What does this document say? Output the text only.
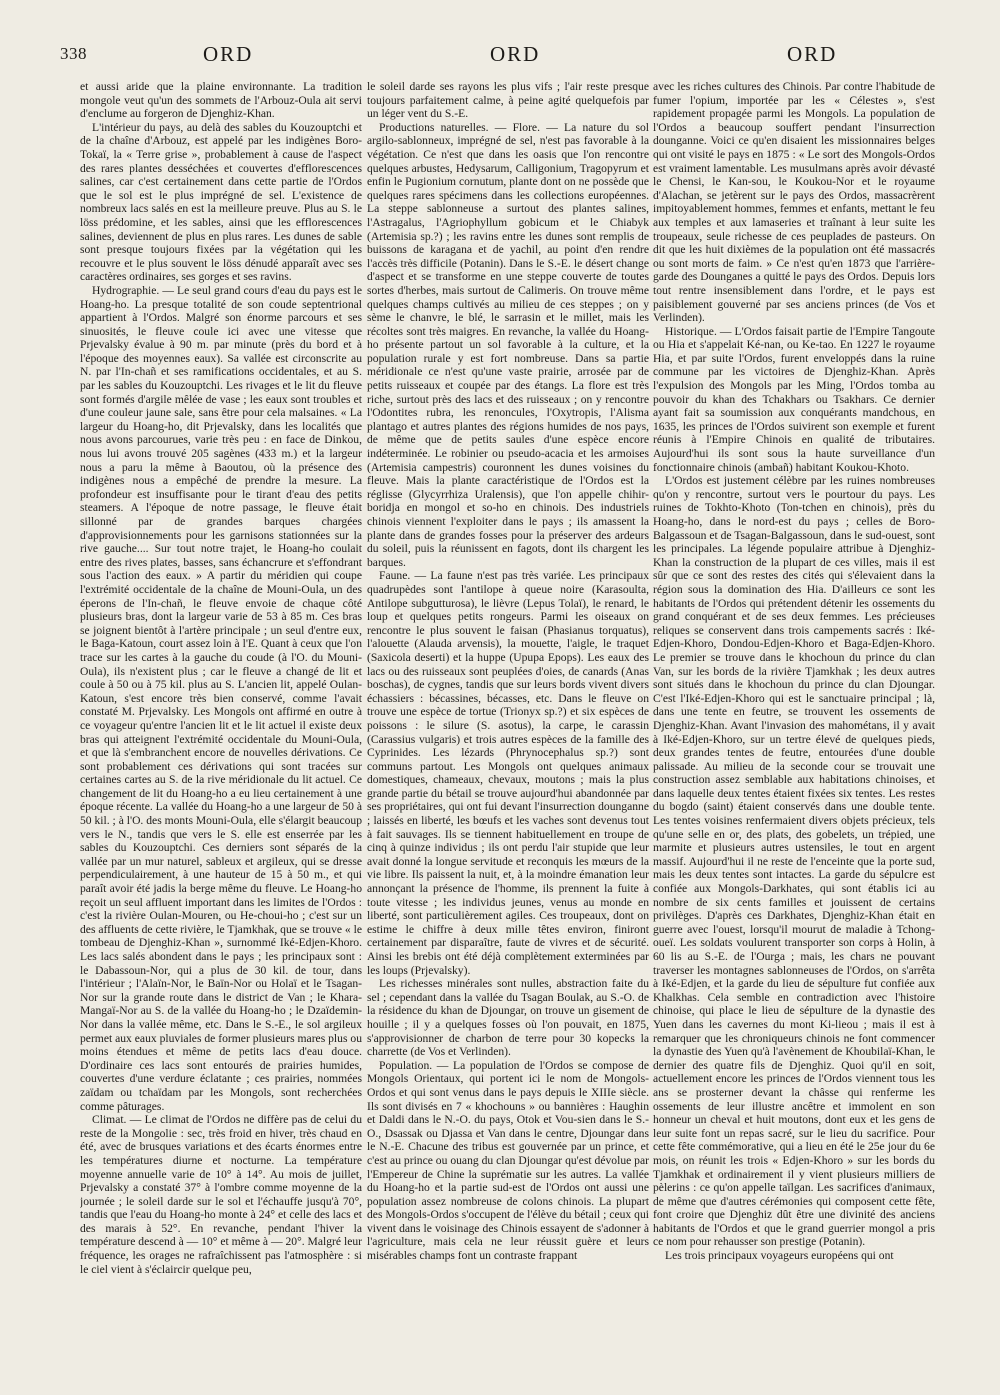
338	ORD	ORD	ORD

et aussi aride que la plaine environnante. La tradition mongole veut qu'un des sommets de l'Arbouz-Oula ait servi d'enclume au forgeron de Djenghiz-Khan.

L'intérieur du pays, au delà des sables du Kouzouptchi et de la chaîne d'Arbouz, est appelé par les indigènes Boro-Tokaï, la « Terre grise », probablement à cause de l'aspect des rares plantes desséchées et couvertes d'efflorescences salines, car c'est certainement dans cette partie de l'Ordos que le sol est le plus imprégné de sel. L'existence de nombreux lacs salés en est la meilleure preuve. Plus au S. le löss prédomine, et les sables, ainsi que les efflorescences salines, deviennent de plus en plus rares. Les dunes de sable sont presque toujours fixées par la végétation qui les recouvre et le plus souvent le löss dénudé apparaît avec ses caractères ordinaires, ses gorges et ses ravins.

Hydrographie. — Le seul grand cours d'eau du pays est le Hoang-ho. La presque totalité de son coude septentrional appartient à l'Ordos. Malgré son énorme parcours et ses sinuosités, le fleuve coule ici avec une vitesse que Prjevalsky évalue à 90 m. par minute (près du bord et à l'époque des moyennes eaux). Sa vallée est circonscrite au N. par l'In-chañ et ses ramifications occidentales, et au S. par les sables du Kouzouptchi. Les rivages et le lit du fleuve sont formés d'argile mêlée de vase ; les eaux sont troubles et d'une couleur jaune sale, sans être pour cela malsaines. « La largeur du Hoang-ho, dit Prjevalsky, dans les localités que nous avons parcourues, varie très peu : en face de Dinkou, nous lui avons trouvé 205 sagènes (433 m.) et la largeur nous a paru la même à Baoutou, où la présence des indigènes nous a empêché de prendre la mesure. La profondeur est insuffisante pour le tirant d'eau des petits steamers. A l'époque de notre passage, le fleuve était sillonné par de grandes barques chargées d'approvisionnements pour les garnisons stationnées sur la rive gauche.... Sur tout notre trajet, le Hoang-ho coulait entre des rives plates, basses, sans échancrure et s'effondrant sous l'action des eaux. » A partir du méridien qui coupe l'extrémité occidentale de la chaîne de Mouni-Oula, un des éperons de l'In-chañ, le fleuve envoie de chaque côté plusieurs bras, dont la largeur varie de 53 à 85 m. Ces bras se joignent bientôt à l'artère principale ; un seul d'entre eux, le Baga-Katoun, court assez loin à l'E. Quant à ceux que l'on trace sur les cartes à la gauche du coude (à l'O. du Mouni-Oula), ils n'existent plus ; car le fleuve a changé de lit et coule à 50 ou à 75 kil. plus au S. L'ancien lit, appelé Oulan-Katoun, s'est encore très bien conservé, comme l'avait constaté M. Prjevalsky. Les Mongols ont affirmé en outre à ce voyageur qu'entre l'ancien lit et le lit actuel il existe deux bras qui atteignent l'extrémité occidentale du Mouni-Oula, et que là s'embranchent encore de nouvelles dérivations. Ce sont probablement ces dérivations qui sont tracées sur certaines cartes au S. de la rive méridionale du lit actuel. Ce changement de lit du Hoang-ho a eu lieu certainement à une époque récente. La vallée du Hoang-ho a une largeur de 50 à 50 kil. ; à l'O. des monts Mouni-Oula, elle s'élargit beaucoup vers le N., tandis que vers le S. elle est enserrée par les sables du Kouzouptchi. Ces derniers sont séparés de la vallée par un mur naturel, sableux et argileux, qui se dresse perpendiculairement, à une hauteur de 15 à 50 m., et qui paraît avoir été jadis la berge même du fleuve. Le Hoang-ho reçoit un seul affluent important dans les limites de l'Ordos : c'est la rivière Oulan-Mouren, ou He-choui-ho ; c'est sur un des affluents de cette rivière, le Tjamkhak, que se trouve « le tombeau de Djenghiz-Khan », surnommé Iké-Edjen-Khoro. Les lacs salés abondent dans le pays ; les principaux sont : le Dabassoun-Nor, qui a plus de 30 kil. de tour, dans l'intérieur ; l'Alaïn-Nor, le Baïn-Nor ou Holaï et le Tsagan-Nor sur la grande route dans le district de Van ; le Khara-Mangaï-Nor au S. de la vallée du Hoang-ho ; le Dzaïdemin-Nor dans la vallée même, etc. Dans le S.-E., le sol argileux permet aux eaux pluviales de former plusieurs mares plus ou moins étendues et même de petits lacs d'eau douce. D'ordinaire ces lacs sont entourés de prairies humides, couvertes d'une verdure éclatante ; ces prairies, nommées zaïdam ou tchaïdam par les Mongols, sont recherchées comme pâturages.

Climat. — Le climat de l'Ordos ne diffère pas de celui du reste de la Mongolie : sec, très froid en hiver, très chaud en été, avec de brusques variations et des écarts énormes entre les températures diurne et nocturne. La température moyenne annuelle varie de 10° à 14°. Au mois de juillet, Prjevalsky a constaté 37° à l'ombre comme moyenne de la journée ; le soleil darde sur le sol et l'échauffe jusqu'à 70°, tandis que l'eau du Hoang-ho monte à 24° et celle des lacs et des marais à 52°. En revanche, pendant l'hiver la température descend à — 10° et même à — 20°. Malgré leur fréquence, les orages ne rafraîchissent pas l'atmosphère : si le ciel vient à s'éclaircir quelque peu,

le soleil darde ses rayons les plus vifs ; l'air reste presque toujours parfaitement calme, à peine agité quelquefois par un léger vent du S.-E.

Productions naturelles. — Flore. — La nature du sol argilo-sablonneux, imprégné de sel, n'est pas favorable à la végétation. Ce n'est que dans les oasis que l'on rencontre quelques arbustes, Hedysarum, Calligonium, Tragopyrum et enfin le Pugionium cornutum, plante dont on ne possède que quelques rares spécimens dans les collections européennes. La steppe sablonneuse a surtout des plantes salines, l'Astragalus, l'Agriophyllum gobicum et le Chiabyk (Artemisia sp.?) ; les ravins entre les dunes sont remplis de buissons de karagana et de yachil, au point d'en rendre l'accès très difficile (Potanin). Dans le S.-E. le désert change d'aspect et se transforme en une steppe couverte de toutes sortes d'herbes, mais surtout de Calimeris. On trouve même quelques champs cultivés au milieu de ces steppes ; on y sème le chanvre, le blé, le sarrasin et le millet, mais les récoltes sont très maigres. En revanche, la vallée du Hoang-ho présente partout un sol favorable à la culture, et la population rurale y est fort nombreuse. Dans sa partie méridionale ce n'est qu'une vaste prairie, arrosée par de petits ruisseaux et coupée par des étangs. La flore est très riche, surtout près des lacs et des ruisseaux ; on y rencontre l'Odontites rubra, les renoncules, l'Oxytropis, l'Alisma plantago et autres plantes des régions humides de nos pays, de même que de petits saules d'une espèce encore indéterminée. Le robinier ou pseudo-acacia et les armoises (Artemisia campestris) couronnent les dunes voisines du fleuve. Mais la plante caractéristique de l'Ordos est la réglisse (Glycyrrhiza Uralensis), que l'on appelle chihir-boridja en mongol et so-ho en chinois. Des industriels chinois viennent l'exploiter dans le pays ; ils amassent la plante dans de grandes fosses pour la préserver des ardeurs du soleil, puis la réunissent en fagots, dont ils chargent les barques.

Faune. — La faune n'est pas très variée. Les principaux quadrupèdes sont l'antilope à queue noire (Karasoulta, Antilope subgutturosa), le lièvre (Lepus Tolaï), le renard, le loup et quelques petits rongeurs. Parmi les oiseaux on rencontre le plus souvent le faisan (Phasianus torquatus), l'alouette (Alauda arvensis), la mouette, l'aigle, le traquet (Saxicola deserti) et la huppe (Upupa Epops). Les eaux des lacs ou des ruisseaux sont peuplées d'oies, de canards (Anas boschas), de cygnes, tandis que sur leurs bords vivent divers échassiers : bécassines, bécasses, etc. Dans le fleuve on trouve une espèce de tortue (Trionyx sp.?) et six espèces de poissons : le silure (S. asotus), la carpe, le carassin (Carassius vulgaris) et trois autres espèces de la famille des Cyprinides. Les lézards (Phrynocephalus sp.?) sont communs partout. Les Mongols ont quelques animaux domestiques, chameaux, chevaux, moutons ; mais la plus grande partie du bétail se trouve aujourd'hui abandonnée par ses propriétaires, qui ont fui devant l'insurrection dounganne ; laissés en liberté, les bœufs et les vaches sont devenus tout à fait sauvages. Ils se tiennent habituellement en troupe de cinq à quinze individus ; ils ont perdu l'air stupide que leur avait donné la longue servitude et reconquis les mœurs de la vie libre. Ils paissent la nuit, et, à la moindre émanation leur annonçant la présence de l'homme, ils prennent la fuite à toute vitesse ; les individus jeunes, venus au monde en liberté, sont particulièrement agiles. Ces troupeaux, dont on estime le chiffre à deux mille têtes environ, finiront certainement par disparaître, faute de vivres et de sécurité. Ainsi les brebis ont été déjà complètement exterminées par les loups (Prjevalsky).

Les richesses minérales sont nulles, abstraction faite du sel ; cependant dans la vallée du Tsagan Boulak, au S.-O. de la résidence du khan de Djoungar, on trouve un gisement de houille ; il y a quelques fosses où l'on pouvait, en 1875, s'approvisionner de charbon de terre pour 30 kopecks la charrette (de Vos et Verlinden).

Population. — La population de l'Ordos se compose de Mongols Orientaux, qui portent ici le nom de Mongols-Ordos et qui sont venus dans le pays depuis le XIIIe siècle. Ils sont divisés en 7 « khochouns » ou bannières : Haughin et Daldi dans le N.-O. du pays, Otok et Vou-sien dans le S.-O., Dsassak ou Djassa et Van dans le centre, Djoungar dans le N.-E. Chacune des tribus est gouvernée par un prince, et c'est au prince ou ouang du clan Djoungar qu'est dévolue par l'Empereur de Chine la suprématie sur les autres. La vallée du Hoang-ho et la partie sud-est de l'Ordos ont aussi une population assez nombreuse de colons chinois. La plupart des Mongols-Ordos s'occupent de l'élève du bétail ; ceux qui vivent dans le voisinage des Chinois essayent de s'adonner à l'agriculture, mais cela ne leur réussit guère et leurs misérables champs font un contraste frappant

avec les riches cultures des Chinois. Par contre l'habitude de fumer l'opium, importée par les « Célestes », s'est rapidement propagée parmi les Mongols. La population de l'Ordos a beaucoup souffert pendant l'insurrection dounganne. Voici ce qu'en disaient les missionnaires belges qui ont visité le pays en 1875 : « Le sort des Mongols-Ordos est vraiment lamentable. Les musulmans après avoir dévasté le Chensi, le Kan-sou, le Koukou-Nor et le royaume d'Alachan, se jetèrent sur le pays des Ordos, massacrèrent impitoyablement hommes, femmes et enfants, mettant le feu aux temples et aux lamaseries et traînant à leur suite les troupeaux, seule richesse de ces peuplades de pasteurs. On dit que les huit dixièmes de la population ont été massacrés ou sont morts de faim. » Ce n'est qu'en 1873 que l'arrière-garde des Dounganes a quitté le pays des Ordos. Depuis lors tout rentre insensiblement dans l'ordre, et le pays est paisiblement gouverné par ses anciens princes (de Vos et Verlinden).

Historique. — L'Ordos faisait partie de l'Empire Tangoute ou Hia et s'appelait Ké-nan, ou Ke-tao. En 1227 le royaume Hia, et par suite l'Ordos, furent enveloppés dans la ruine commune par les victoires de Djenghiz-Khan. Après l'expulsion des Mongols par les Ming, l'Ordos tomba au pouvoir du khan des Tchakhars ou Tsakhars. Ce dernier ayant fait sa soumission aux conquérants mandchous, en 1635, les princes de l'Ordos suivirent son exemple et furent réunis à l'Empire Chinois en qualité de tributaires. Aujourd'hui ils sont sous la haute surveillance d'un fonctionnaire chinois (ambañ) habitant Koukou-Khoto.

L'Ordos est justement célèbre par les ruines nombreuses qu'on y rencontre, surtout vers le pourtour du pays. Les ruines de Tokhto-Khoto (Ton-tchen en chinois), près du Hoang-ho, dans le nord-est du pays ; celles de Boro-Balgassoun et de Tsagan-Balgassoun, dans le sud-ouest, sont les principales. La légende populaire attribue à Djenghiz-Khan la construction de la plupart de ces villes, mais il est sûr que ce sont des restes des cités qui s'élevaient dans la région sous la domination des Hia. D'ailleurs ce sont les habitants de l'Ordos qui prétendent détenir les ossements du grand conquérant et de ses deux femmes. Les précieuses reliques se conservent dans trois campements sacrés : Iké-Edjen-Khoro, Dondou-Edjen-Khoro et Baga-Edjen-Khoro. Le premier se trouve dans le khochoun du prince du clan Van, sur les bords de la rivière Tjamkhak ; les deux autres sont situés dans le khochoun du prince du clan Djoungar. C'est l'Iké-Edjen-Khoro qui est le sanctuaire principal ; là, dans une tente en feutre, se trouvent les ossements de Djenghiz-Khan. Avant l'invasion des mahométans, il y avait à Iké-Edjen-Khoro, sur un tertre élevé de quelques pieds, deux grandes tentes de feutre, entourées d'une double palissade. Au milieu de la seconde cour se trouvait une construction assez semblable aux habitations chinoises, et dans laquelle deux tentes étaient fixées six tentes. Les restes du bogdo (saint) étaient conservés dans une double tente. Les tentes voisines renfermaient divers objets précieux, tels qu'une selle en or, des plats, des gobelets, un trépied, une marmite et plusieurs autres ustensiles, le tout en argent massif. Aujourd'hui il ne reste de l'enceinte que la porte sud, mais les deux tentes sont intactes. La garde du sépulcre est confiée aux Mongols-Darkhates, qui sont établis ici au nombre de six cents familles et jouissent de certains privilèges. D'après ces Darkhates, Djenghiz-Khan était en guerre avec l'ouest, lorsqu'il mourut de maladie à Tchong-oueï. Les soldats voulurent transporter son corps à Holin, à 60 lis au S.-E. de l'Ourga ; mais, les chars ne pouvant traverser les montagnes sablonneuses de l'Ordos, on s'arrêta à Iké-Edjen, et la garde du lieu de sépulture fut confiée aux Khalkhas. Cela semble en contradiction avec l'histoire chinoise, qui place le lieu de sépulture de la dynastie des Yuen dans les cavernes du mont Ki-lieou ; mais il est à remarquer que les chroniqueurs chinois ne font commencer la dynastie des Yuen qu'à l'avènement de Khoubilaï-Khan, le dernier des quatre fils de Djenghiz. Quoi qu'il en soit, actuellement encore les princes de l'Ordos viennent tous les ans se prosterner devant la châsse qui renferme les ossements de leur illustre ancêtre et immolent en son honneur un cheval et huit moutons, dont eux et les gens de leur suite font un repas sacré, sur le lieu du sacrifice. Pour cette fête commémorative, qui a lieu en été le 25e jour du 6e mois, on réunit les trois « Edjen-Khoro » sur les bords du Tjamkhak et ordinairement il y vient plusieurs milliers de pèlerins : ce qu'on appelle taïlgan. Les sacrifices d'animaux, de même que d'autres cérémonies qui composent cette fête, font croire que Djenghiz dût être une divinité des anciens habitants de l'Ordos et que le grand guerrier mongol a pris ce nom pour rehausser son prestige (Potanin).

Les trois principaux voyageurs européens qui ont
